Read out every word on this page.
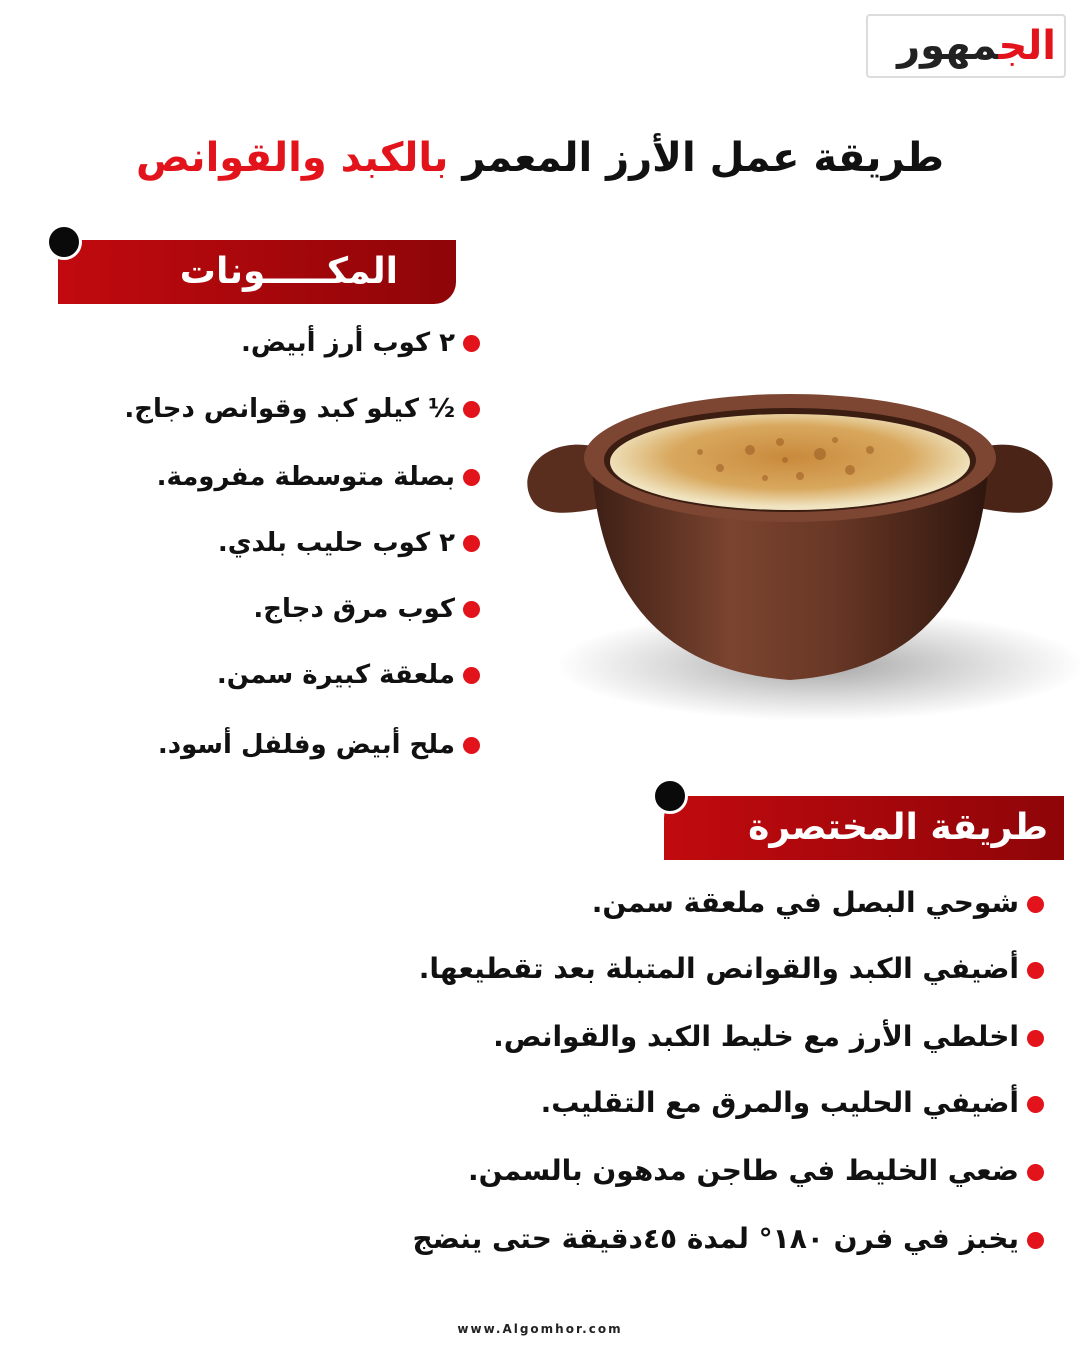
الجمهور
طريقة عمل الأرز المعمر بالكبد والقوانص
المكـــــونات
٢ كوب أرز أبيض.
½ كيلو كبد وقوانص دجاج.
بصلة متوسطة مفرومة.
٢ كوب حليب بلدي.
كوب مرق دجاج.
ملعقة كبيرة سمن.
ملح أبيض وفلفل أسود.
طريقة المختصرة
شوحي البصل في ملعقة سمن.
أضيفي الكبد والقوانص المتبلة بعد تقطيعها.
اخلطي الأرز مع خليط الكبد والقوانص.
أضيفي الحليب والمرق مع التقليب.
ضعي الخليط في طاجن مدهون بالسمن.
يخبز في فرن ١٨٠° لمدة ٤٥دقيقة حتى ينضج
www.Algomhor.com
